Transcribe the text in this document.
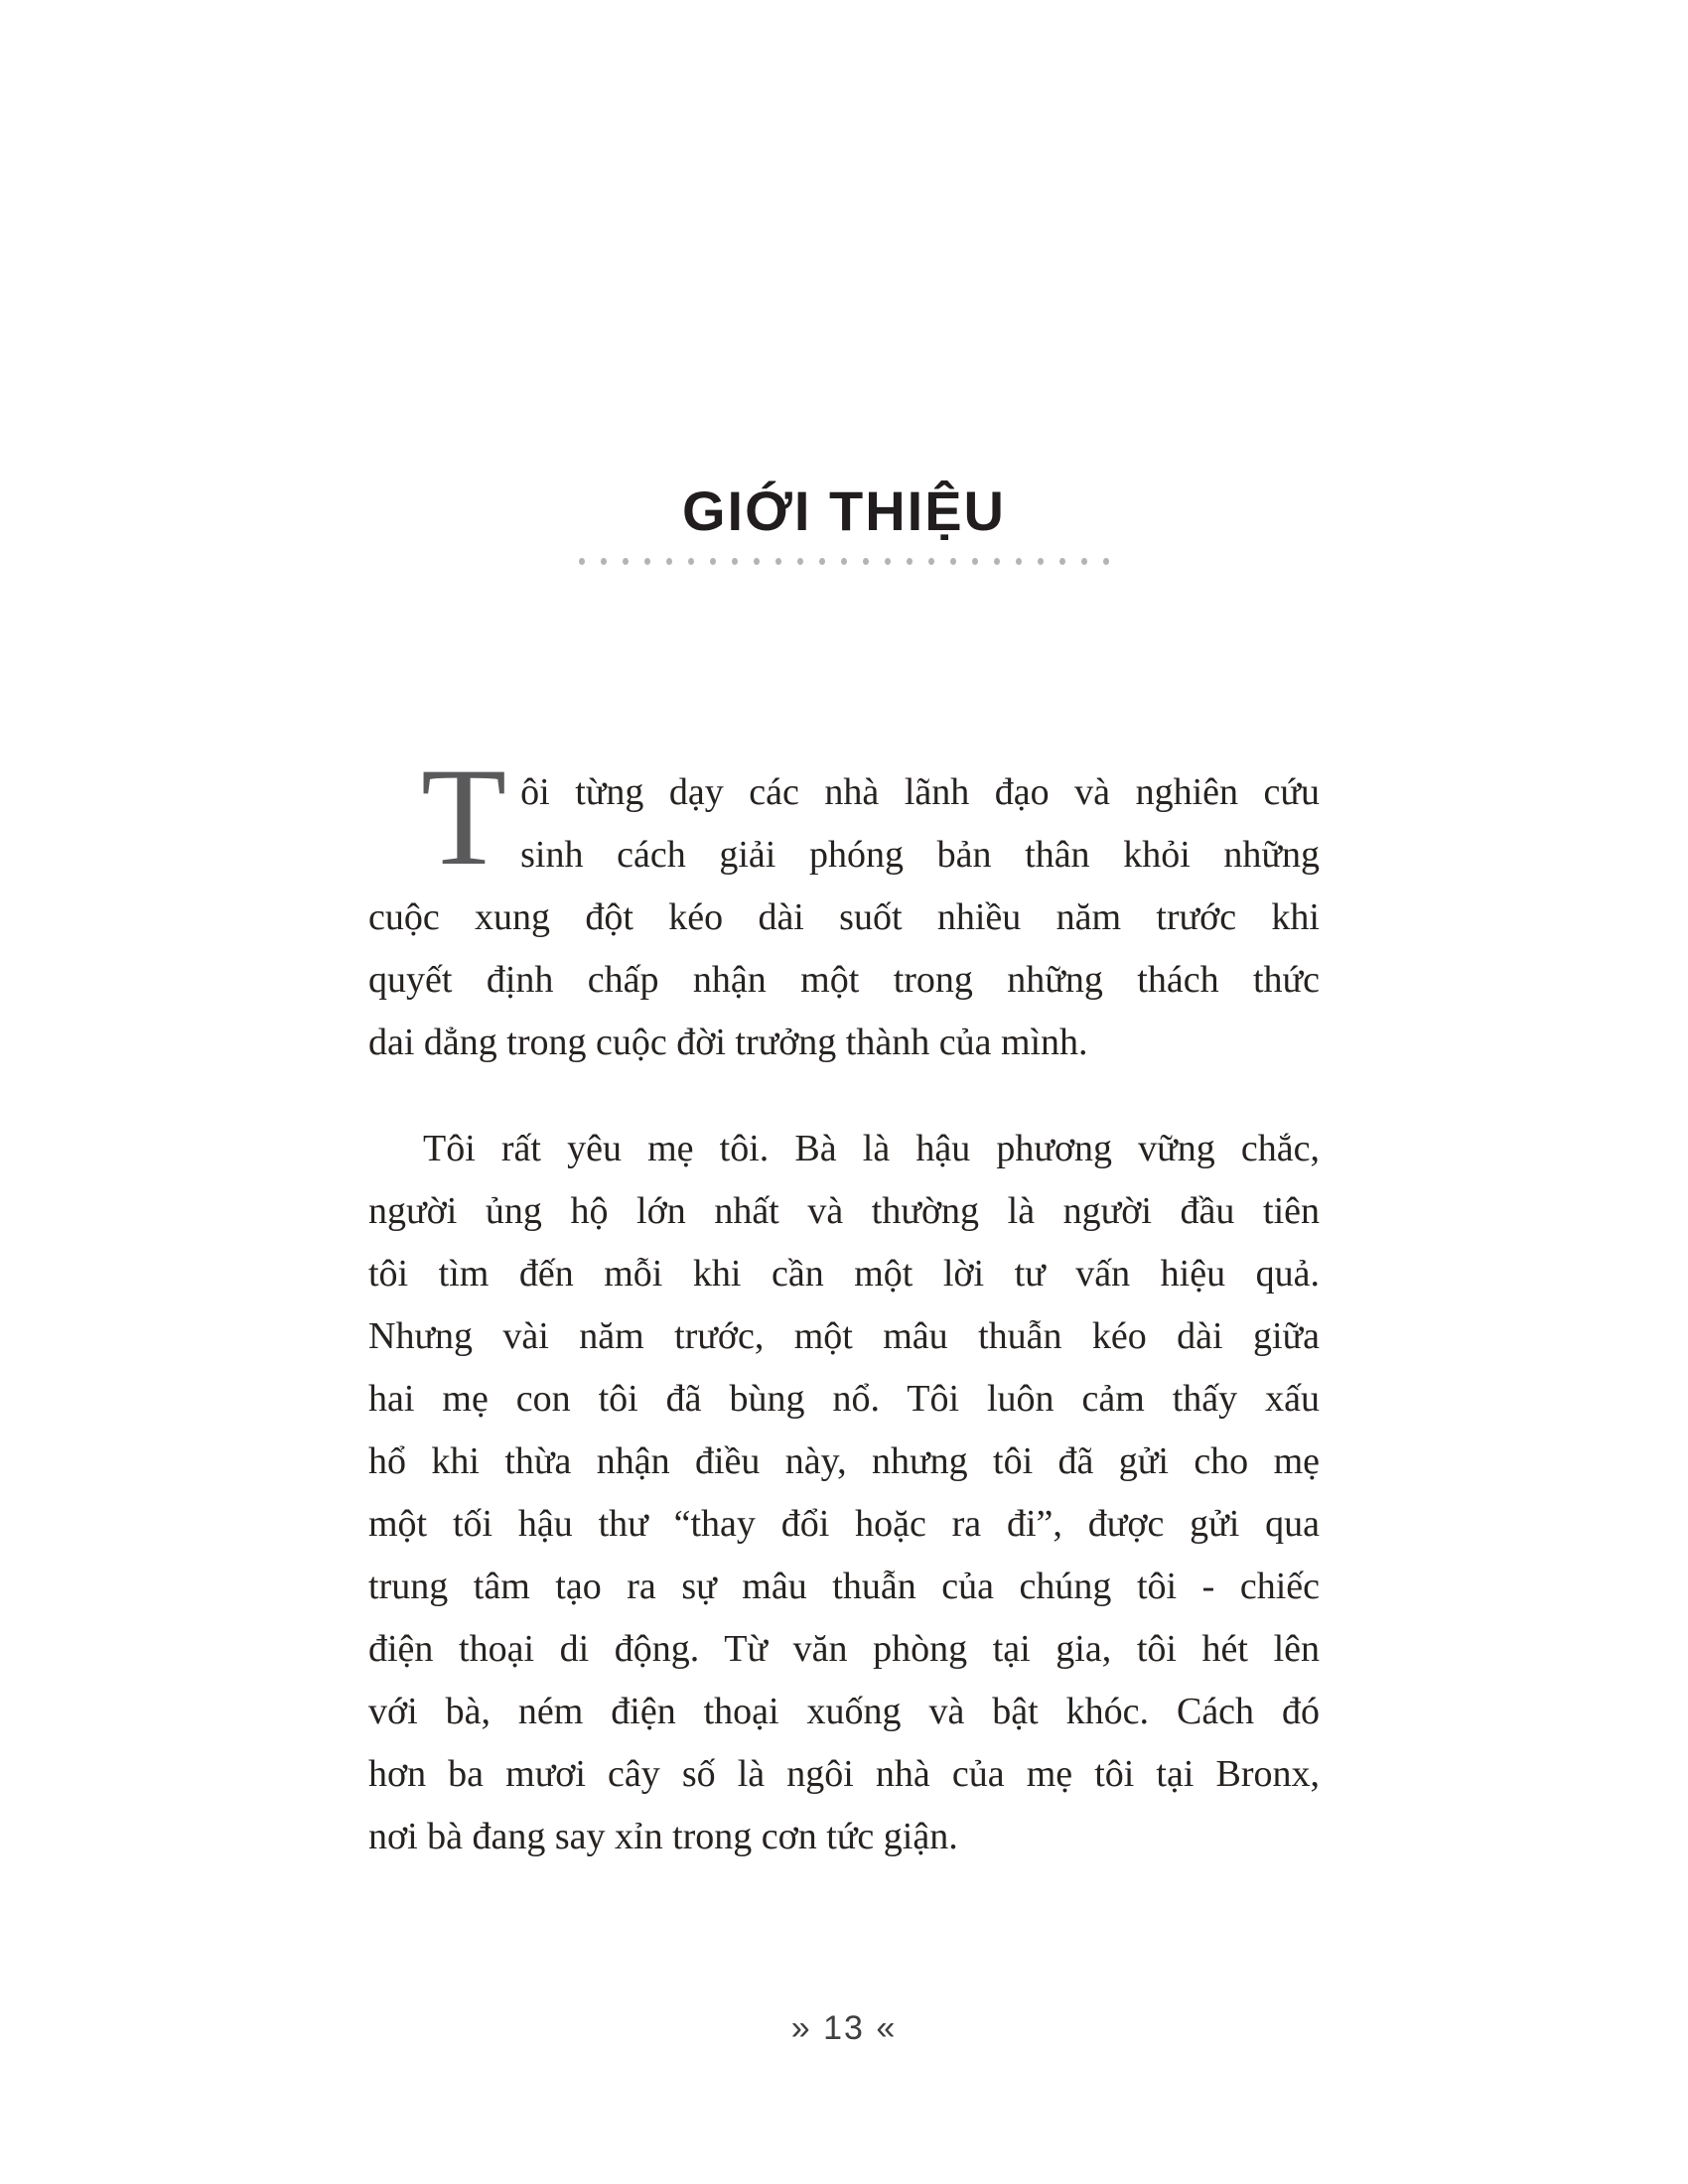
GIỚI THIỆU
T ôi từng dạy các nhà lãnh đạo và nghiên cứu
sinh cách giải phóng bản thân khỏi những
cuộc xung đột kéo dài suốt nhiều năm trước khi
quyết định chấp nhận một trong những thách thức
dai dẳng trong cuộc đời trưởng thành của mình.
Tôi rất yêu mẹ tôi. Bà là hậu phương vững chắc,
người ủng hộ lớn nhất và thường là người đầu tiên
tôi tìm đến mỗi khi cần một lời tư vấn hiệu quả.
Nhưng vài năm trước, một mâu thuẫn kéo dài giữa
hai mẹ con tôi đã bùng nổ. Tôi luôn cảm thấy xấu
hổ khi thừa nhận điều này, nhưng tôi đã gửi cho mẹ
một tối hậu thư “thay đổi hoặc ra đi”, được gửi qua
trung tâm tạo ra sự mâu thuẫn của chúng tôi - chiếc
điện thoại di động. Từ văn phòng tại gia, tôi hét lên
với bà, ném điện thoại xuống và bật khóc. Cách đó
hơn ba mươi cây số là ngôi nhà của mẹ tôi tại Bronx,
nơi bà đang say xỉn trong cơn tức giận.
» 13 «
